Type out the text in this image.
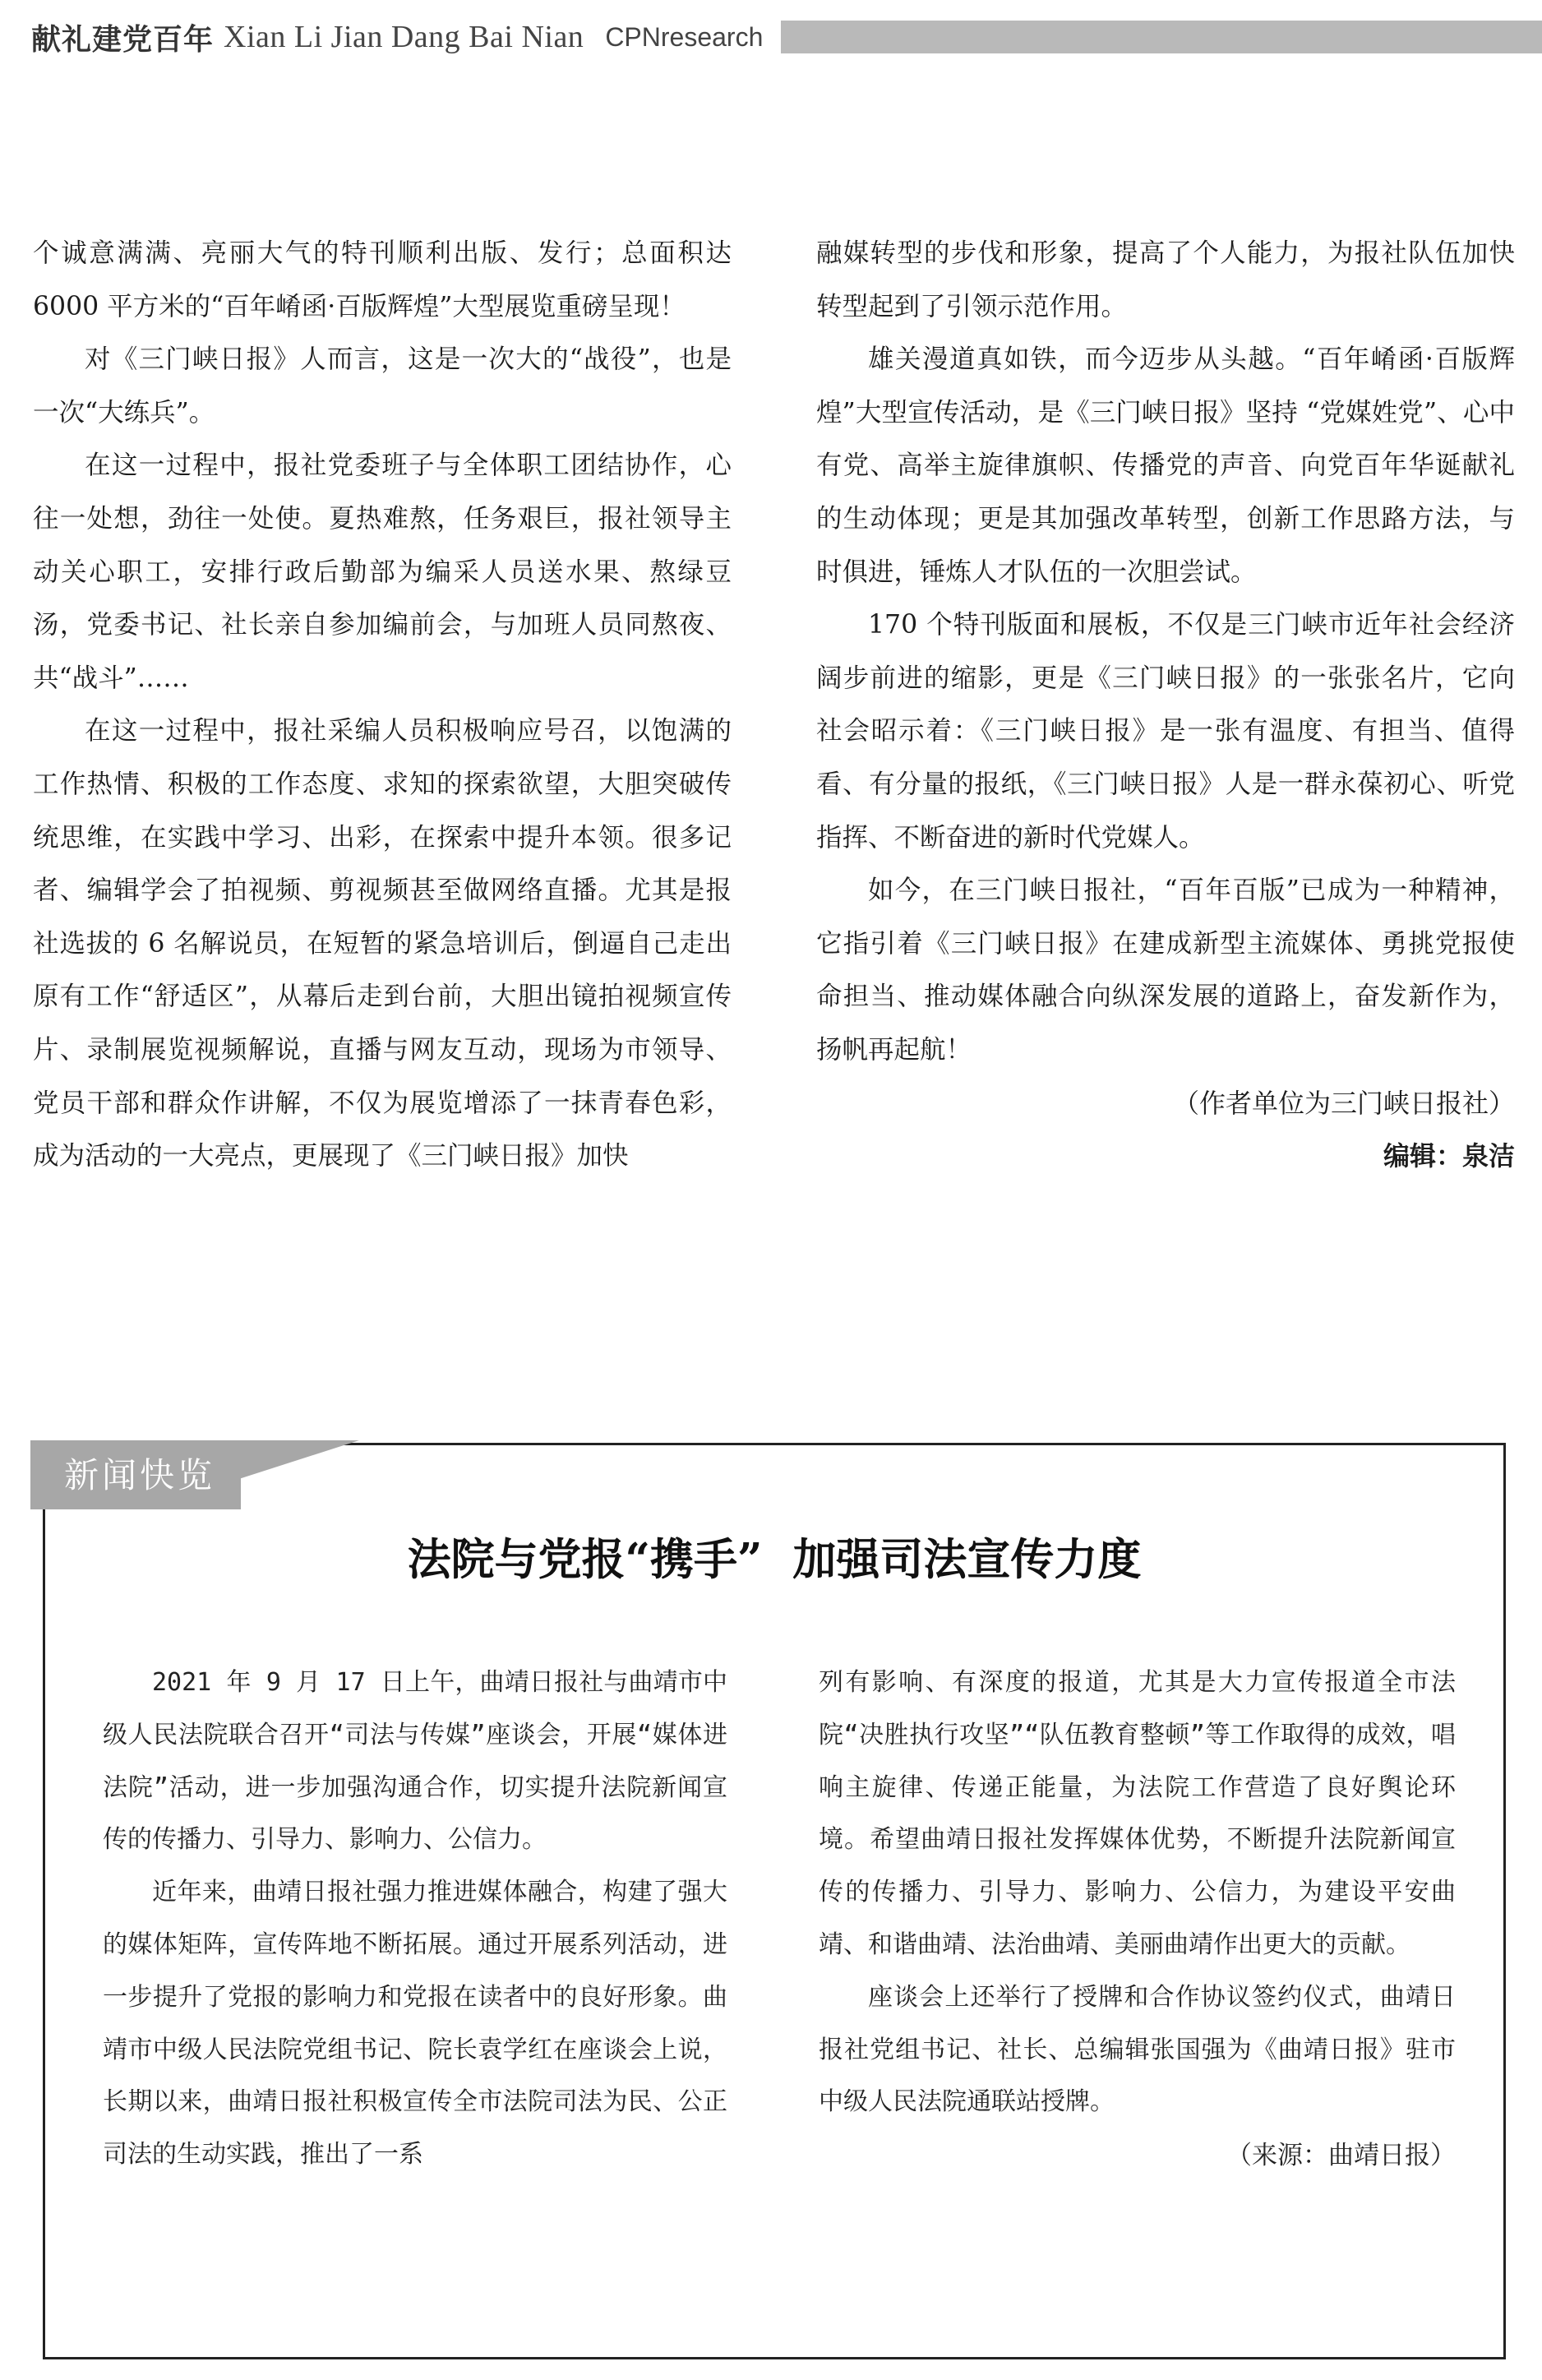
献礼建党百年 Xian Li Jian Dang Bai Nian CPNresearch

个诚意满满、亮丽大气的特刊顺利出版、发行；总面积达 6000 平方米的“百年崤函·百版辉煌”大型展览重磅呈现！

对《三门峡日报》人而言，这是一次大的“战役”，也是一次“大练兵”。

在这一过程中，报社党委班子与全体职工团结协作，心往一处想，劲往一处使。夏热难熬，任务艰巨，报社领导主动关心职工，安排行政后勤部为编采人员送水果、熬绿豆汤，党委书记、社长亲自参加编前会，与加班人员同熬夜、共“战斗”……

在这一过程中，报社采编人员积极响应号召，以饱满的工作热情、积极的工作态度、求知的探索欲望，大胆突破传统思维，在实践中学习、出彩，在探索中提升本领。很多记者、编辑学会了拍视频、剪视频甚至做网络直播。尤其是报社选拔的 6 名解说员，在短暂的紧急培训后，倒逼自己走出原有工作“舒适区”，从幕后走到台前，大胆出镜拍视频宣传片、录制展览视频解说，直播与网友互动，现场为市领导、党员干部和群众作讲解，不仅为展览增添了一抹青春色彩，成为活动的一大亮点，更展现了《三门峡日报》加快

融媒转型的步伐和形象，提高了个人能力，为报社队伍加快转型起到了引领示范作用。

雄关漫道真如铁，而今迈步从头越。“百年崤函·百版辉煌”大型宣传活动，是《三门峡日报》坚持 “党媒姓党”、心中有党、高举主旋律旗帜、传播党的声音、向党百年华诞献礼的生动体现；更是其加强改革转型，创新工作思路方法，与时俱进，锤炼人才队伍的一次胆尝试。

170 个特刊版面和展板，不仅是三门峡市近年社会经济阔步前进的缩影，更是《三门峡日报》的一张张名片，它向社会昭示着：《三门峡日报》是一张有温度、有担当、值得看、有分量的报纸，《三门峡日报》人是一群永葆初心、听党指挥、不断奋进的新时代党媒人。

如今，在三门峡日报社，“百年百版”已成为一种精神，它指引着《三门峡日报》在建成新型主流媒体、勇挑党报使命担当、推动媒体融合向纵深发展的道路上，奋发新作为，扬帆再起航！

（作者单位为三门峡日报社）
编辑：泉洁
新闻快览
法院与党报“携手”  加强司法宣传力度

2021 年 9 月 17 日上午，曲靖日报社与曲靖市中级人民法院联合召开“司法与传媒”座谈会，开展“媒体进法院”活动，进一步加强沟通合作，切实提升法院新闻宣传的传播力、引导力、影响力、公信力。

近年来，曲靖日报社强力推进媒体融合，构建了强大的媒体矩阵，宣传阵地不断拓展。通过开展系列活动，进一步提升了党报的影响力和党报在读者中的良好形象。曲靖市中级人民法院党组书记、院长袁学红在座谈会上说，长期以来，曲靖日报社积极宣传全市法院司法为民、公正司法的生动实践，推出了一系

列有影响、有深度的报道，尤其是大力宣传报道全市法院“决胜执行攻坚”“队伍教育整顿”等工作取得的成效，唱响主旋律、传递正能量，为法院工作营造了良好舆论环境。希望曲靖日报社发挥媒体优势，不断提升法院新闻宣传的传播力、引导力、影响力、公信力，为建设平安曲靖、和谐曲靖、法治曲靖、美丽曲靖作出更大的贡献。

座谈会上还举行了授牌和合作协议签约仪式，曲靖日报社党组书记、社长、总编辑张国强为《曲靖日报》驻市中级人民法院通联站授牌。

（来源：曲靖日报）
